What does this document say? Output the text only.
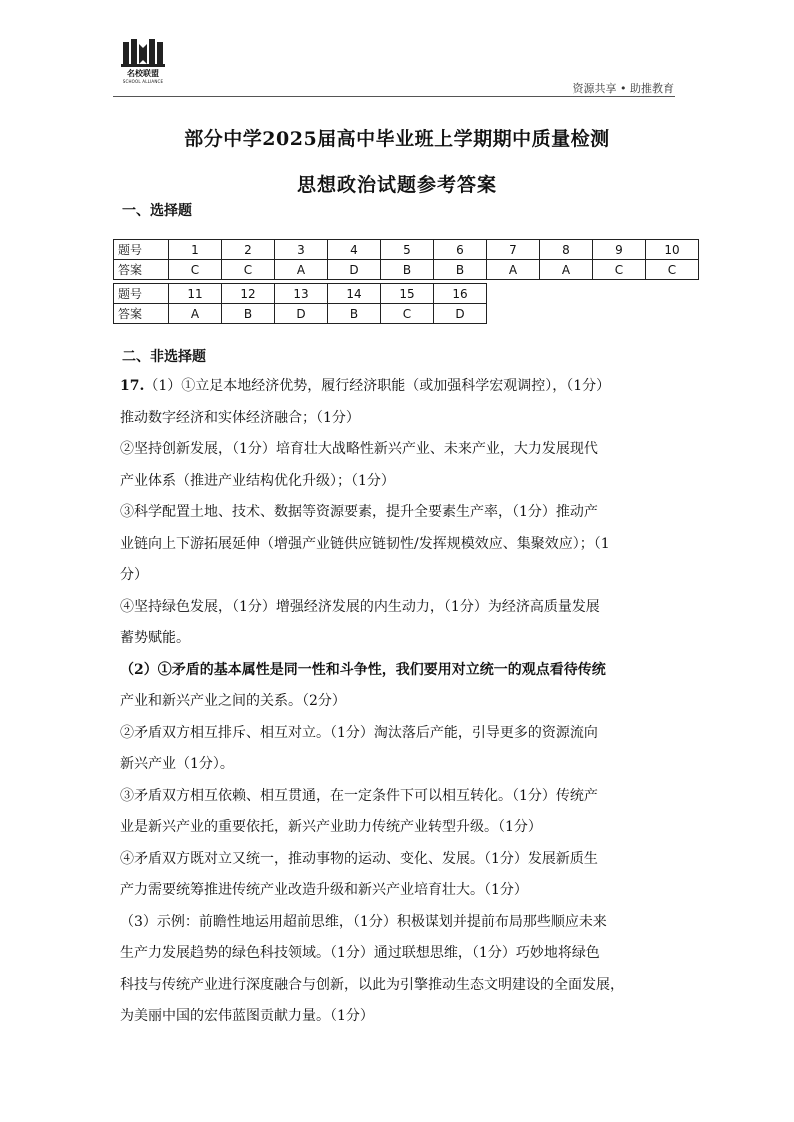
名校联盟
SCHOOL ALLIANCE
资源共享 • 助推教育
部分中学2025届高中毕业班上学期期中质量检测
思想政治试题参考答案
一、选择题
题号	1	2	3	4	5	6	7	8	9	10
答案	C	C	A	D	B	B	A	A	C	C
题号	11	12	13	14	15	16
答案	A	B	D	B	C	D
二、非选择题

17.（1）①立足本地经济优势，履行经济职能（或加强科学宏观调控），（1分）

推动数字经济和实体经济融合；（1分）

②坚持创新发展，（1分）培育壮大战略性新兴产业、未来产业，大力发展现代

产业体系（推进产业结构优化升级）；（1分）

③科学配置土地、技术、数据等资源要素，提升全要素生产率，（1分）推动产

业链向上下游拓展延伸（增强产业链供应链韧性/发挥规模效应、集聚效应）；（1

分）

④坚持绿色发展，（1分）增强经济发展的内生动力，（1分）为经济高质量发展

蓄势赋能。

（2）①矛盾的基本属性是同一性和斗争性，我们要用对立统一的观点看待传统

产业和新兴产业之间的关系。（2分）

②矛盾双方相互排斥、相互对立。（1分）淘汰落后产能，引导更多的资源流向

新兴产业（1分）。

③矛盾双方相互依赖、相互贯通，在一定条件下可以相互转化。（1分）传统产

业是新兴产业的重要依托，新兴产业助力传统产业转型升级。（1分）

④矛盾双方既对立又统一，推动事物的运动、变化、发展。（1分）发展新质生

产力需要统筹推进传统产业改造升级和新兴产业培育壮大。（1分）

（3）示例：前瞻性地运用超前思维，（1分）积极谋划并提前布局那些顺应未来

生产力发展趋势的绿色科技领域。（1分）通过联想思维，（1分）巧妙地将绿色

科技与传统产业进行深度融合与创新，以此为引擎推动生态文明建设的全面发展，

为美丽中国的宏伟蓝图贡献力量。（1分）
